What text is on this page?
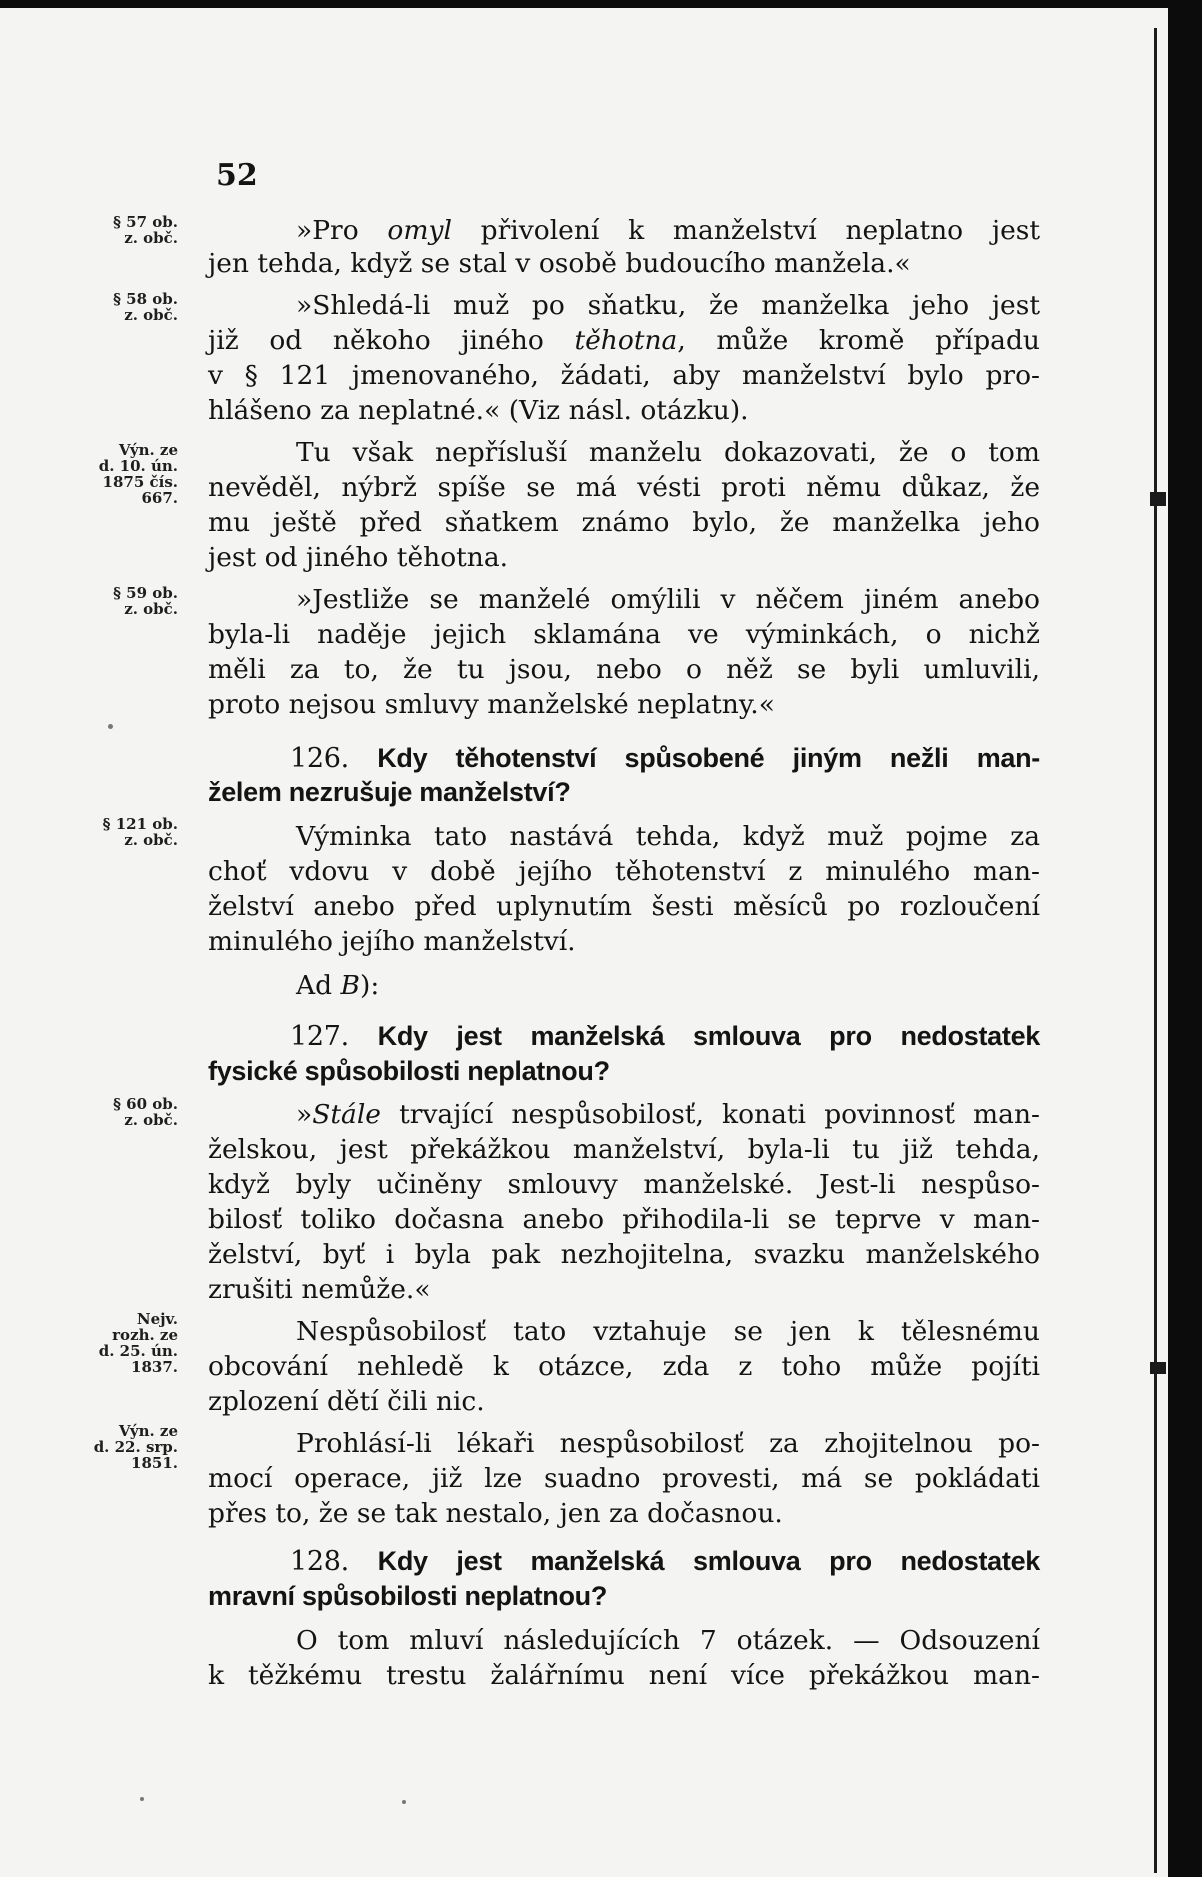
52
§ 57 ob.
z. obč.
§ 58 ob.
z. obč.
Výn. ze
d. 10. ún.
1875 čís.
667.
§ 59 ob.
z. obč.
§ 121 ob.
z. obč.
§ 60 ob.
z. obč.
Nejv.
rozh. ze
d. 25. ún.
1837.
Výn. ze
d. 22. srp.
1851.
»Pro omyl přivolení k manželství neplatno jest
jen tehda, když se stal v osobě budoucího manžela.«
»Shledá-li muž po sňatku, že manželka jeho jest
již od někoho jiného těhotna, může kromě případu
v § 121 jmenovaného, žádati, aby manželství bylo pro-
hlášeno za neplatné.« (Viz násl. otázku).
Tu však nepřísluší manželu dokazovati, že o tom
nevěděl, nýbrž spíše se má vésti proti němu důkaz, že
mu ještě před sňatkem známo bylo, že manželka jeho
jest od jiného těhotna.
»Jestliže se manželé omýlili v něčem jiném anebo
byla-li naděje jejich sklamána ve výminkách, o nichž
měli za to, že tu jsou, nebo o něž se byli umluvili,
proto nejsou smluvy manželské neplatny.«
126. Kdy těhotenství spůsobené jiným nežli man-
želem nezrušuje manželství?
Výminka tato nastává tehda, když muž pojme za
choť vdovu v době jejího těhotenství z minulého man-
želství anebo před uplynutím šesti měsíců po rozloučení
minulého jejího manželství.
Ad B):
127. Kdy jest manželská smlouva pro nedostatek
fysické spůsobilosti neplatnou?
»Stále trvající nespůsobilosť, konati povinnosť man-
želskou, jest překážkou manželství, byla-li tu již tehda,
když byly učiněny smlouvy manželské. Jest-li nespůso-
bilosť toliko dočasna anebo přihodila-li se teprve v man-
želství, byť i byla pak nezhojitelna, svazku manželského
zrušiti nemůže.«
Nespůsobilosť tato vztahuje se jen k tělesnému
obcování nehledě k otázce, zda z toho může pojíti
zplození dětí čili nic.
Prohlásí-li lékaři nespůsobilosť za zhojitelnou po-
mocí operace, již lze suadno provesti, má se pokládati
přes to, že se tak nestalo, jen za dočasnou.
128. Kdy jest manželská smlouva pro nedostatek
mravní spůsobilosti neplatnou?
O tom mluví následujících 7 otázek. — Odsouzení
k těžkému trestu žalářnímu není více překážkou man-
